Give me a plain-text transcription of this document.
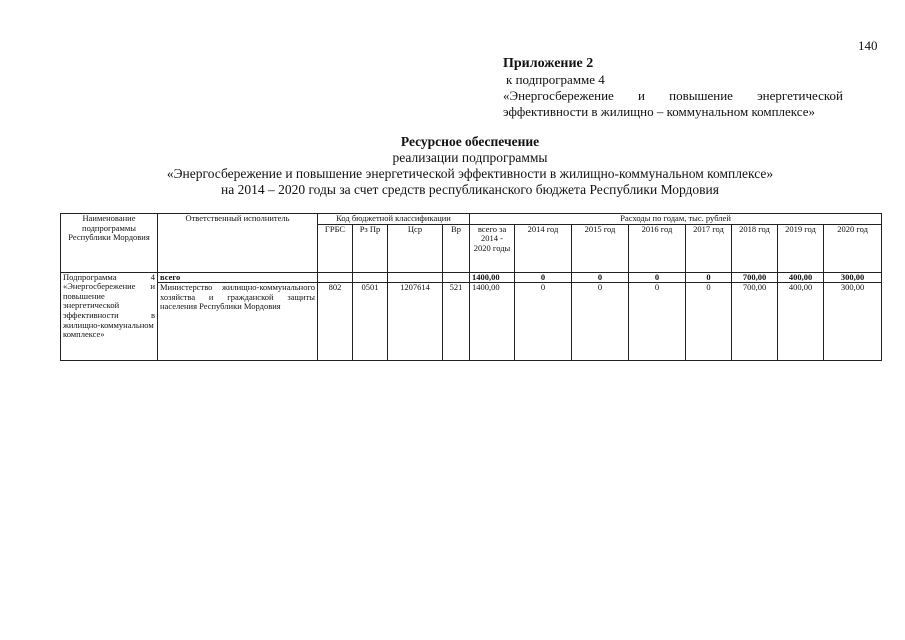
140
Приложение 2
к подпрограмме 4
«Энергосбережение и повышение энергетической
эффективности в жилищно – коммунальном комплексе»
Ресурсное обеспечение
реализации подпрограммы
«Энергосбережение и повышение энергетической эффективности в жилищно-коммунальном комплексе»
на 2014 – 2020 годы за счет средств республиканского бюджета Республики Мордовия
Наименование подпрограммы Республики Мордовия	Ответственный исполнитель	Код бюджетной классификации				Расходы по годам, тыс. рублей							
		ГРБС	Рз Пр	Цср	Вр	всего за 2014 - 2020 годы	2014 год	2015 год	2016 год	2017 год	2018 год	2019 год	2020 год
Подпрограмма 4 «Энергосбережение и повышение энергетической эффективности в жилищно-коммунальном комплексе»	всего					1400,00	0	0	0	0	700,00	400,00	300,00
	Министерство жилищно-коммунального хозяйства и гражданской защиты населения Республики Мордовия	802	0501	1207614	521	1400,00	0	0	0	0	700,00	400,00	300,00
